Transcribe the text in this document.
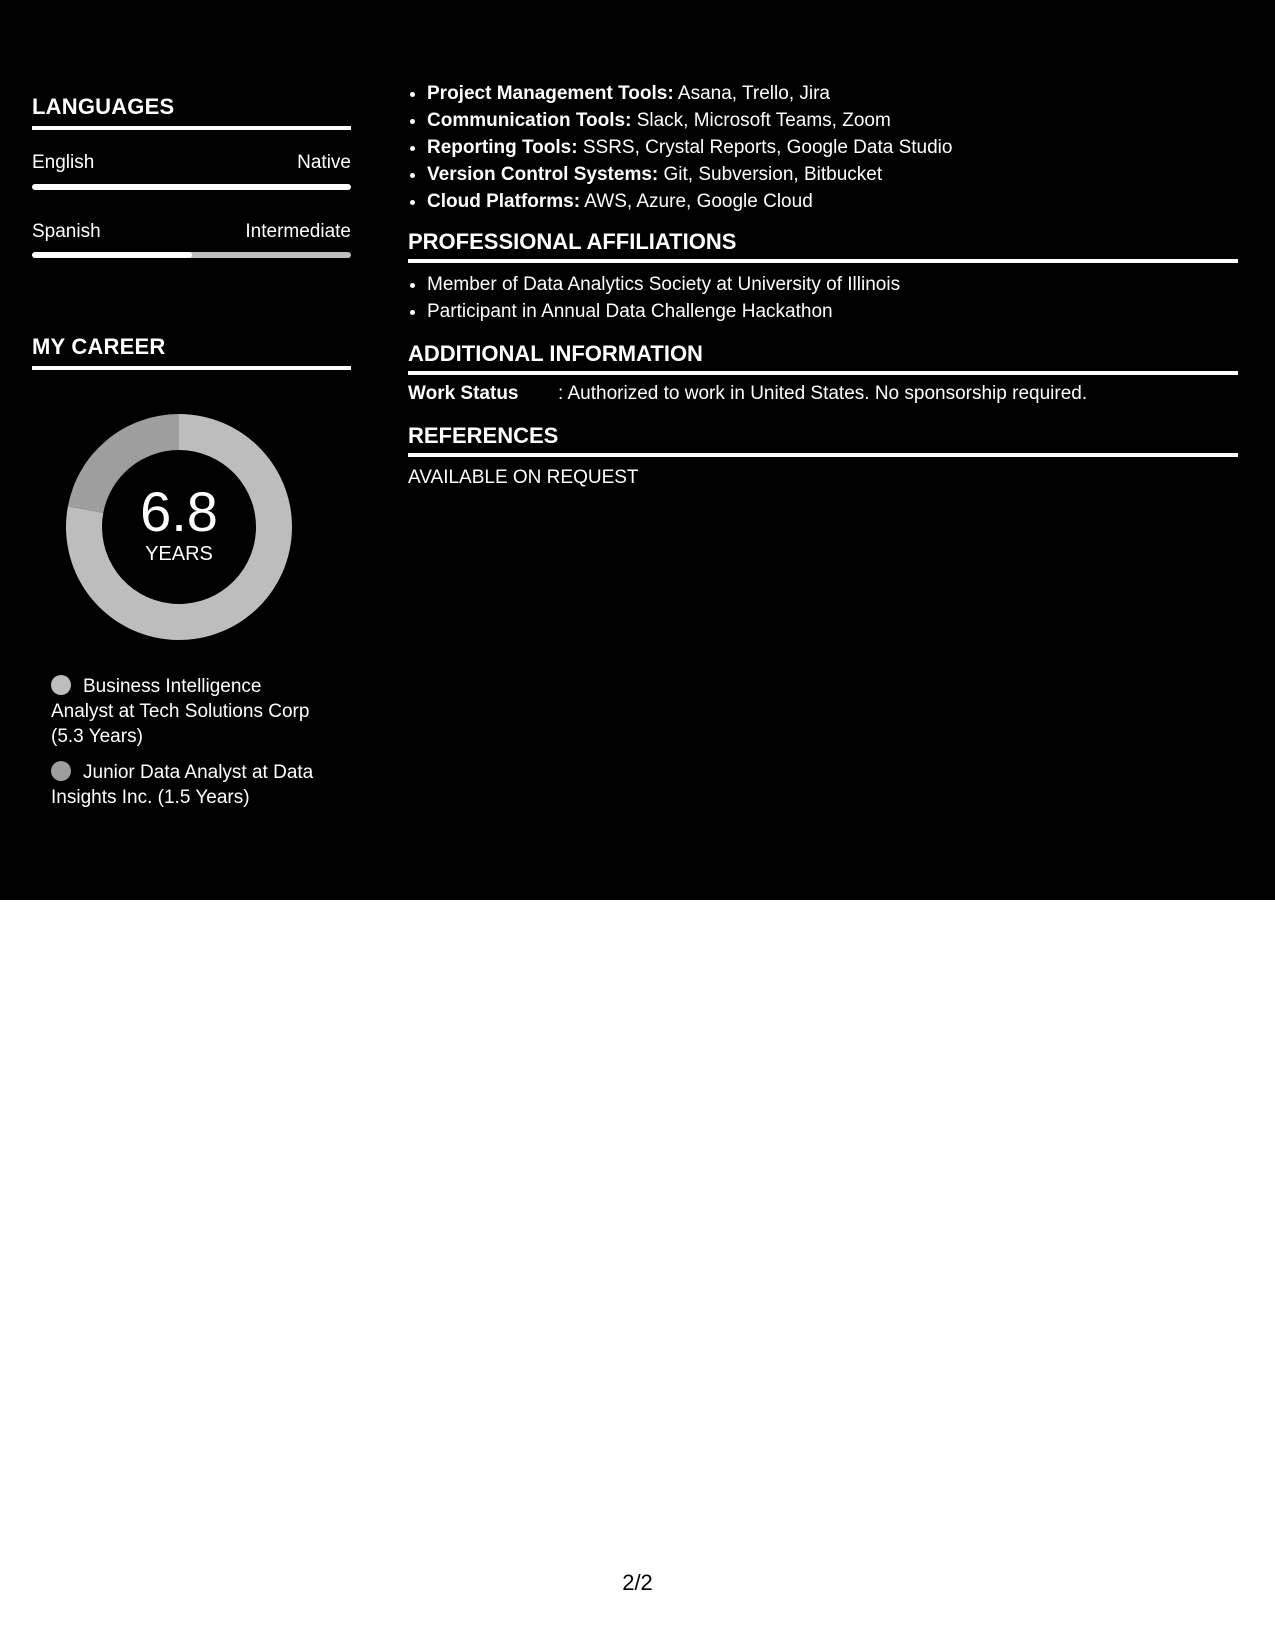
LANGUAGES
English	Native
Spanish	Intermediate
MY CAREER
6.8
YEARS
Business Intelligence Analyst at Tech Solutions Corp (5.3 Years)
Junior Data Analyst at Data Insights Inc. (1.5 Years)
• Project Management Tools: Asana, Trello, Jira
• Communication Tools: Slack, Microsoft Teams, Zoom
• Reporting Tools: SSRS, Crystal Reports, Google Data Studio
• Version Control Systems: Git, Subversion, Bitbucket
• Cloud Platforms: AWS, Azure, Google Cloud
PROFESSIONAL AFFILIATIONS
• Member of Data Analytics Society at University of Illinois
• Participant in Annual Data Challenge Hackathon
ADDITIONAL INFORMATION
Work Status	: Authorized to work in United States. No sponsorship required.
REFERENCES
AVAILABLE ON REQUEST
2/2
